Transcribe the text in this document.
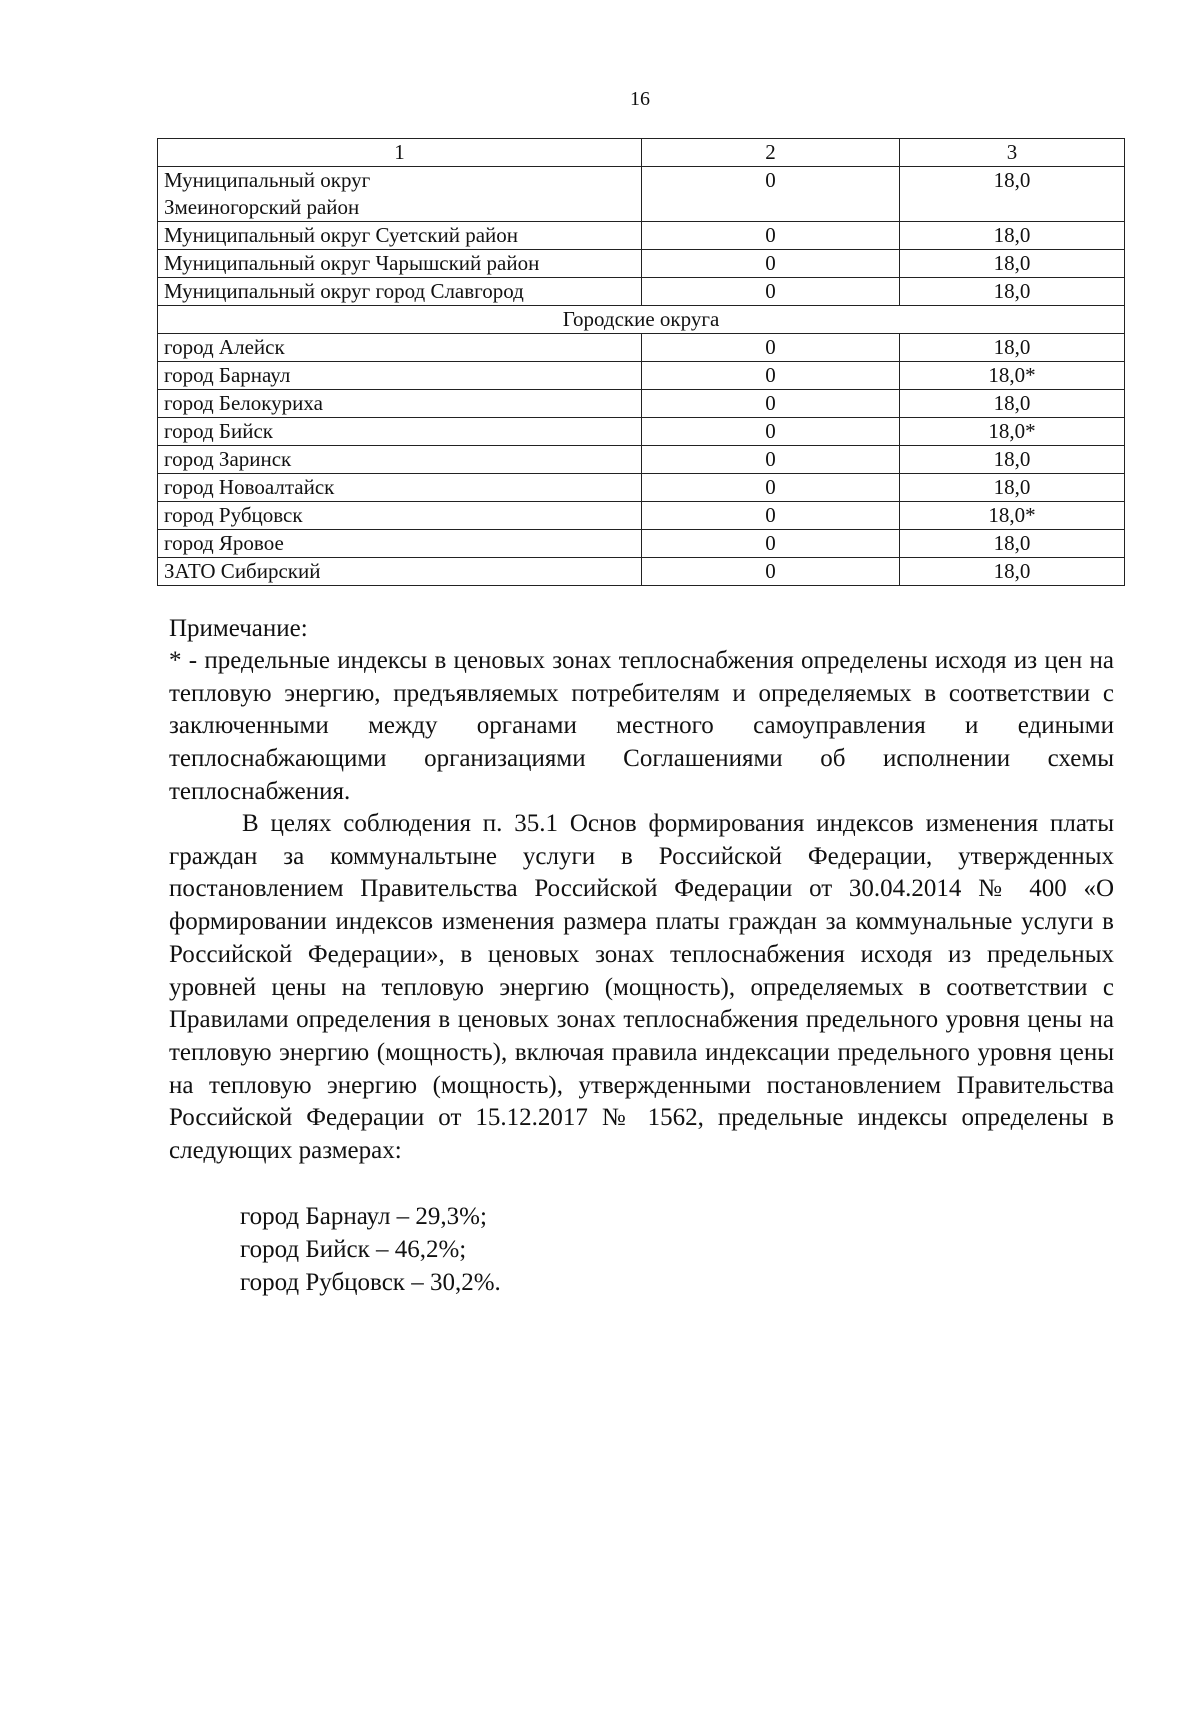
16
1	2	3
Муниципальный округ Змеиногорский район	0	18,0
Муниципальный округ Суетский район	0	18,0
Муниципальный округ Чарышский район	0	18,0
Муниципальный округ город Славгород	0	18,0
Городские округа		
город Алейск	0	18,0
город Барнаул	0	18,0*
город Белокуриха	0	18,0
город Бийск	0	18,0*
город Заринск	0	18,0
город Новоалтайск	0	18,0
город Рубцовск	0	18,0*
город Яровое	0	18,0
ЗАТО Сибирский	0	18,0
Примечание:
* - предельные индексы в ценовых зонах теплоснабжения определены исходя из цен на тепловую энергию, предъявляемых потребителям и определяемых в соответствии с заключенными между органами местного самоуправления и едиными теплоснабжающими организациями Соглашениями об исполнении схемы теплоснабжения.
В целях соблюдения п. 35.1 Основ формирования индексов изменения платы граждан за коммунальтыне услуги в Российской Федерации, утвержденных постановлением Правительства Российской Федерации от 30.04.2014 № 400 «О формировании индексов изменения размера платы граждан за коммунальные услуги в Российской Федерации», в ценовых зонах теплоснабжения исходя из предельных уровней цены на тепловую энергию (мощность), определяемых в соответствии с Правилами определения в ценовых зонах теплоснабжения предельного уровня цены на тепловую энергию (мощность), включая правила индексации предельного уровня цены на тепловую энергию (мощность), утвержденными постановлением Правительства Российской Федерации от 15.12.2017 № 1562, предельные индексы определены в следующих размерах:
город Барнаул – 29,3%;
город Бийск – 46,2%;
город Рубцовск – 30,2%.
